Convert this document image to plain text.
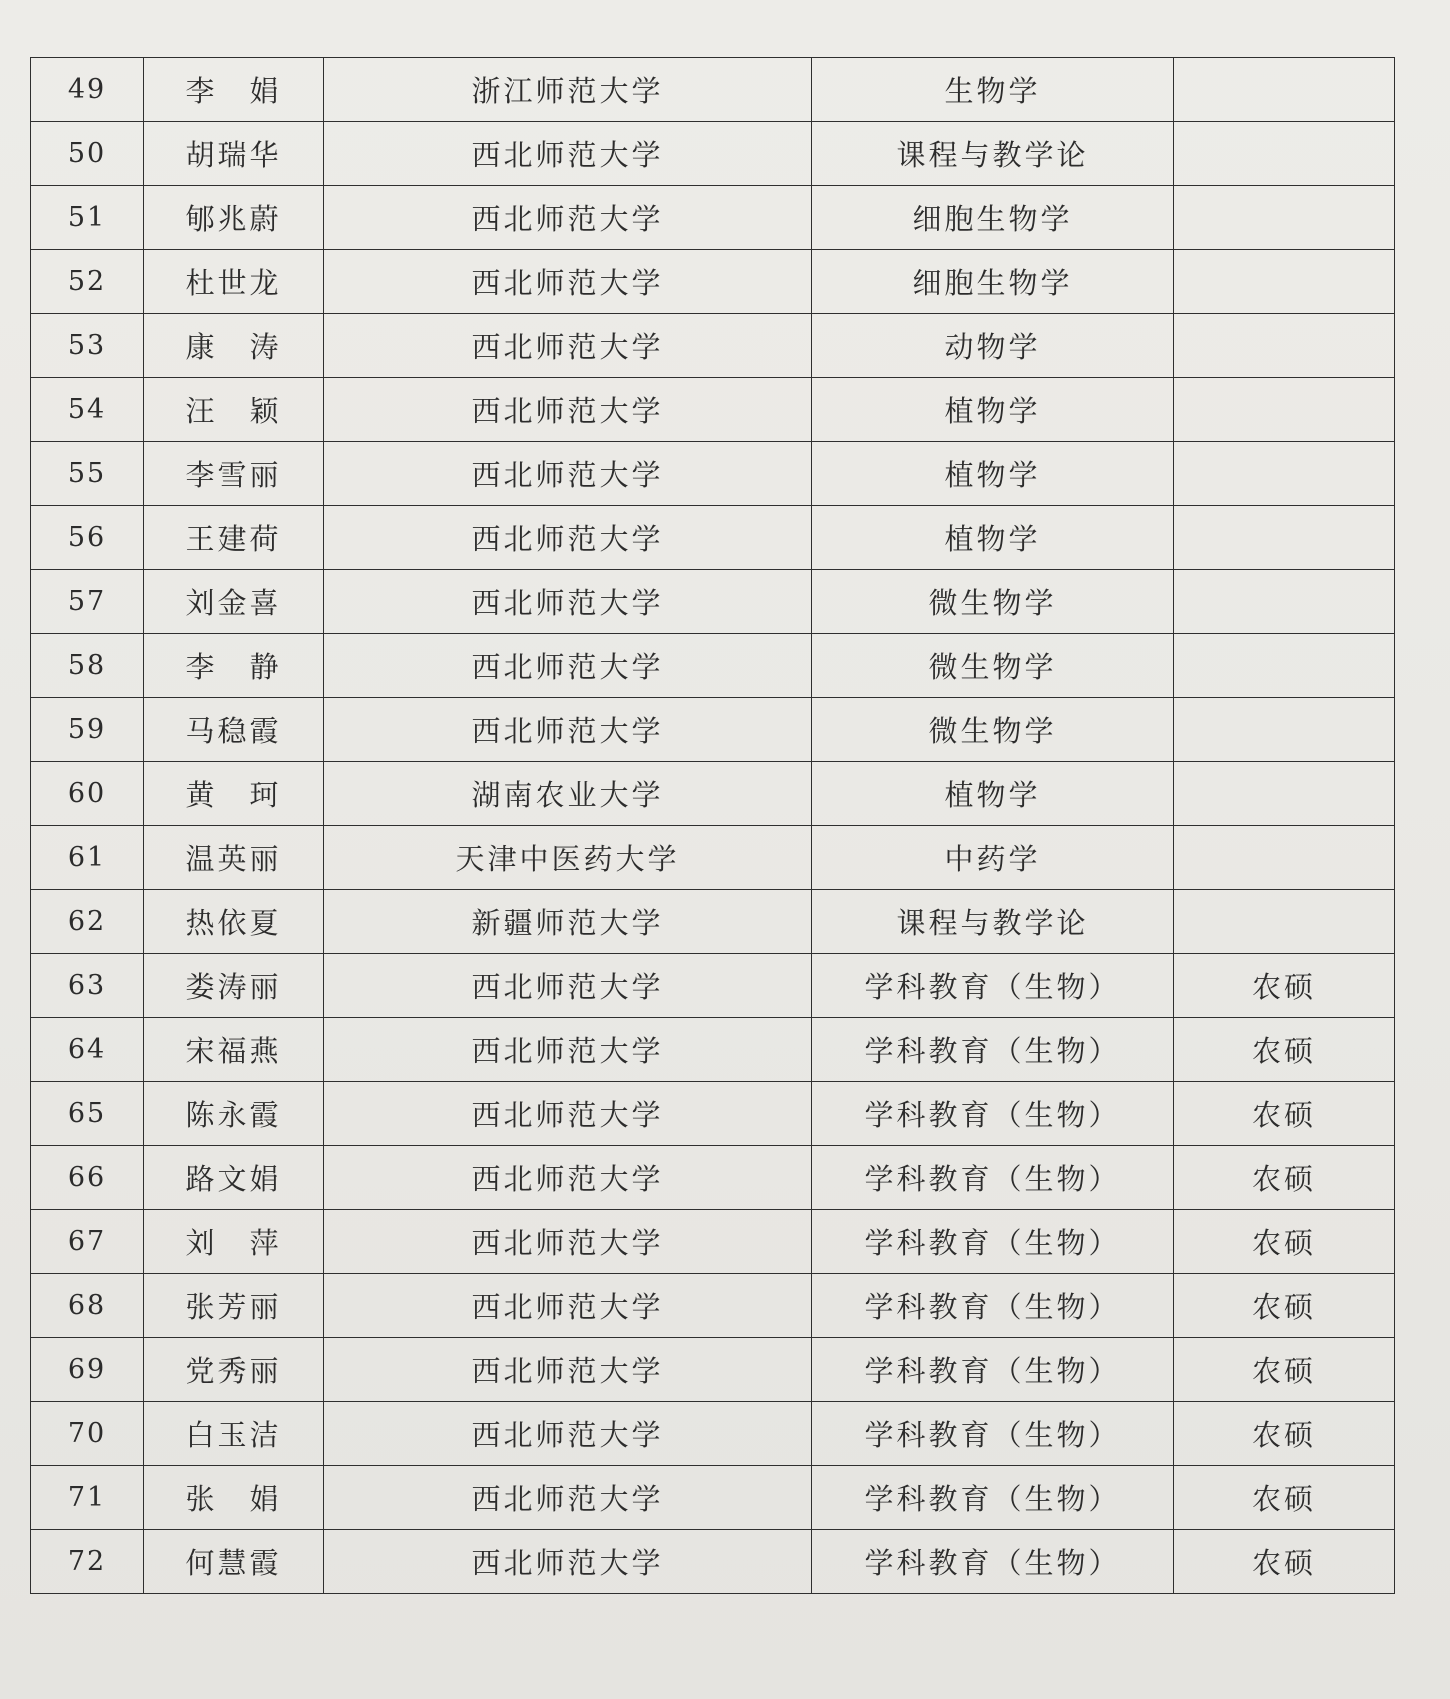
49	李　娟	浙江师范大学	生物学	
50	胡瑞华	西北师范大学	课程与教学论	
51	郇兆蔚	西北师范大学	细胞生物学	
52	杜世龙	西北师范大学	细胞生物学	
53	康　涛	西北师范大学	动物学	
54	汪　颖	西北师范大学	植物学	
55	李雪丽	西北师范大学	植物学	
56	王建荷	西北师范大学	植物学	
57	刘金喜	西北师范大学	微生物学	
58	李　静	西北师范大学	微生物学	
59	马稳霞	西北师范大学	微生物学	
60	黄　珂	湖南农业大学	植物学	
61	温英丽	天津中医药大学	中药学	
62	热依夏	新疆师范大学	课程与教学论	
63	娄涛丽	西北师范大学	学科教育（生物）	农硕
64	宋福燕	西北师范大学	学科教育（生物）	农硕
65	陈永霞	西北师范大学	学科教育（生物）	农硕
66	路文娟	西北师范大学	学科教育（生物）	农硕
67	刘　萍	西北师范大学	学科教育（生物）	农硕
68	张芳丽	西北师范大学	学科教育（生物）	农硕
69	党秀丽	西北师范大学	学科教育（生物）	农硕
70	白玉洁	西北师范大学	学科教育（生物）	农硕
71	张　娟	西北师范大学	学科教育（生物）	农硕
72	何慧霞	西北师范大学	学科教育（生物）	农硕
